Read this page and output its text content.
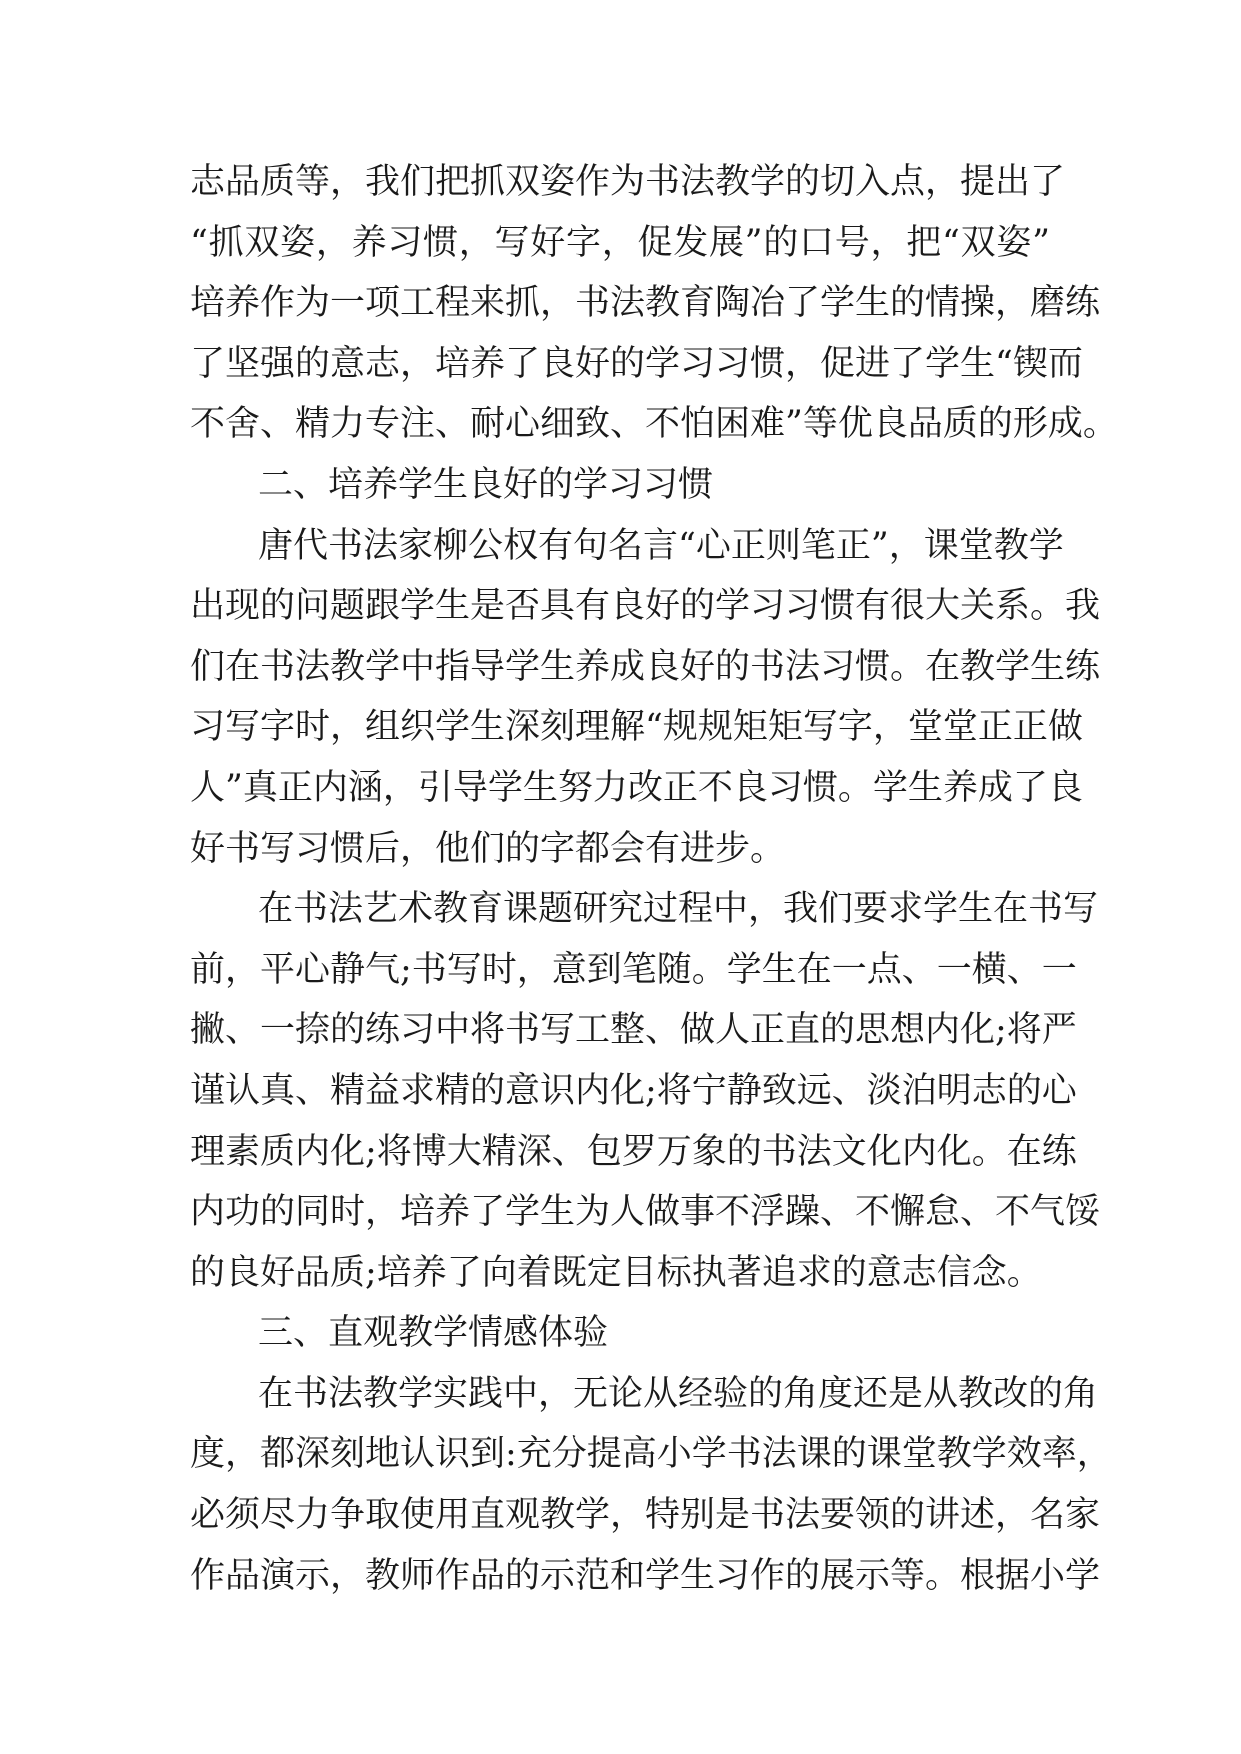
志品质等，我们把抓双姿作为书法教学的切入点，提出了
“抓双姿，养习惯，写好字，促发展”的口号，把“双姿”
培养作为一项工程来抓，书法教育陶冶了学生的情操，磨练
了坚强的意志，培养了良好的学习习惯，促进了学生“锲而
不舍、精力专注、耐心细致、不怕困难”等优良品质的形成。
二、培养学生良好的学习习惯
唐代书法家柳公权有句名言“心正则笔正”，课堂教学
出现的问题跟学生是否具有良好的学习习惯有很大关系。我
们在书法教学中指导学生养成良好的书法习惯。在教学生练
习写字时，组织学生深刻理解“规规矩矩写字，堂堂正正做
人”真正内涵，引导学生努力改正不良习惯。学生养成了良
好书写习惯后，他们的字都会有进步。
在书法艺术教育课题研究过程中，我们要求学生在书写
前，平心静气;书写时，意到笔随。学生在一点、一横、一
撇、一捺的练习中将书写工整、做人正直的思想内化;将严
谨认真、精益求精的意识内化;将宁静致远、淡泊明志的心
理素质内化;将博大精深、包罗万象的书法文化内化。在练
内功的同时，培养了学生为人做事不浮躁、不懈怠、不气馁
的良好品质;培养了向着既定目标执著追求的意志信念。
三、直观教学情感体验
在书法教学实践中，无论从经验的角度还是从教改的角
度，都深刻地认识到:充分提高小学书法课的课堂教学效率，
必须尽力争取使用直观教学，特别是书法要领的讲述，名家
作品演示，教师作品的示范和学生习作的展示等。根据小学
